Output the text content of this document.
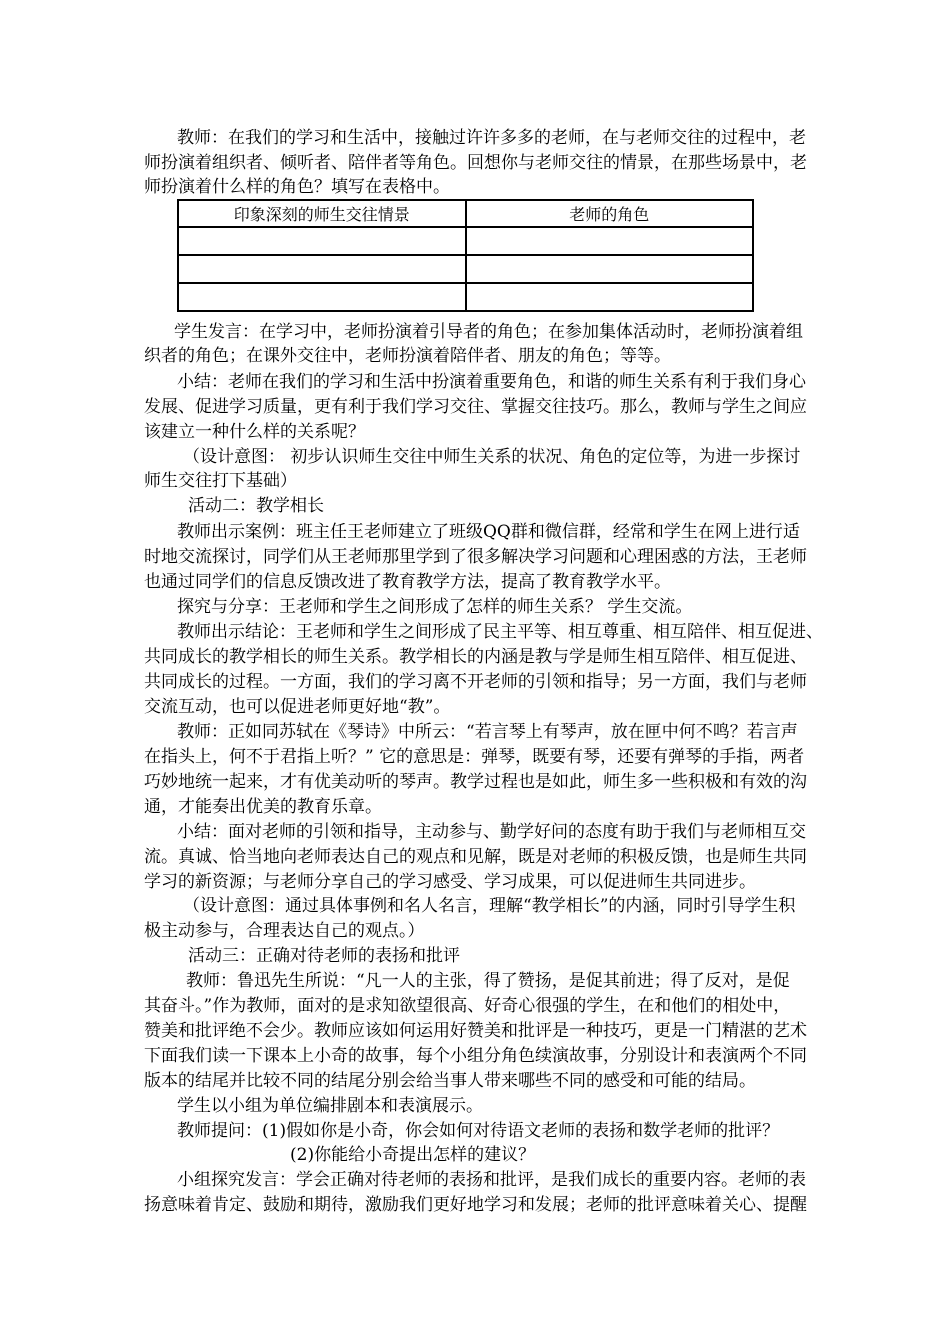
教师：在我们的学习和生活中，接触过许许多多的老师，在与老师交往的过程中，老
师扮演着组织者、倾听者、陪伴者等角色。回想你与老师交往的情景，在那些场景中，老
师扮演着什么样的角色？填写在表格中。
印象深刻的师生交往情景	老师的角色

学生发言：在学习中，老师扮演着引导者的角色；在参加集体活动时，老师扮演着组
织者的角色；在课外交往中，老师扮演着陪伴者、朋友的角色；等等。
小结：老师在我们的学习和生活中扮演着重要角色，和谐的师生关系有利于我们身心
发展、促进学习质量，更有利于我们学习交往、掌握交往技巧。那么，教师与学生之间应
该建立一种什么样的关系呢？
（设计意图： 初步认识师生交往中师生关系的状况、角色的定位等，为进一步探讨
师生交往打下基础）
活动二：教学相长
教师出示案例：班主任王老师建立了班级QQ群和微信群，经常和学生在网上进行适
时地交流探讨，同学们从王老师那里学到了很多解决学习问题和心理困惑的方法，王老师
也通过同学们的信息反馈改进了教育教学方法，提高了教育教学水平。
探究与分享：王老师和学生之间形成了怎样的师生关系？ 学生交流。
教师出示结论：王老师和学生之间形成了民主平等、相互尊重、相互陪伴、相互促进、
共同成长的教学相长的师生关系。教学相长的内涵是教与学是师生相互陪伴、相互促进、
共同成长的过程。一方面，我们的学习离不开老师的引领和指导；另一方面，我们与老师
交流互动，也可以促进老师更好地“教”。
教师：正如同苏轼在《琴诗》中所云：“若言琴上有琴声，放在匣中何不鸣？若言声
在指头上，何不于君指上听？” 它的意思是：弹琴，既要有琴，还要有弹琴的手指，两者
巧妙地统一起来，才有优美动听的琴声。教学过程也是如此，师生多一些积极和有效的沟
通，才能奏出优美的教育乐章。
小结：面对老师的引领和指导，主动参与、勤学好问的态度有助于我们与老师相互交
流。真诚、恰当地向老师表达自己的观点和见解，既是对老师的积极反馈，也是师生共同
学习的新资源；与老师分享自己的学习感受、学习成果，可以促进师生共同进步。
（设计意图：通过具体事例和名人名言，理解“教学相长”的内涵，同时引导学生积
极主动参与，合理表达自己的观点。）
活动三：正确对待老师的表扬和批评
教师：鲁迅先生所说：“凡一人的主张，得了赞扬，是促其前进；得了反对，是促
其奋斗。”作为教师，面对的是求知欲望很高、好奇心很强的学生，在和他们的相处中，
赞美和批评绝不会少。教师应该如何运用好赞美和批评是一种技巧，更是一门精湛的艺术
下面我们读一下课本上小奇的故事，每个小组分角色续演故事，分别设计和表演两个不同
版本的结尾并比较不同的结尾分别会给当事人带来哪些不同的感受和可能的结局。
学生以小组为单位编排剧本和表演展示。
教师提问：(1)假如你是小奇，你会如何对待语文老师的表扬和数学老师的批评？
(2)你能给小奇提出怎样的建议？
小组探究发言：学会正确对待老师的表扬和批评，是我们成长的重要内容。老师的表
扬意味着肯定、鼓励和期待，激励我们更好地学习和发展；老师的批评意味着关心、提醒
